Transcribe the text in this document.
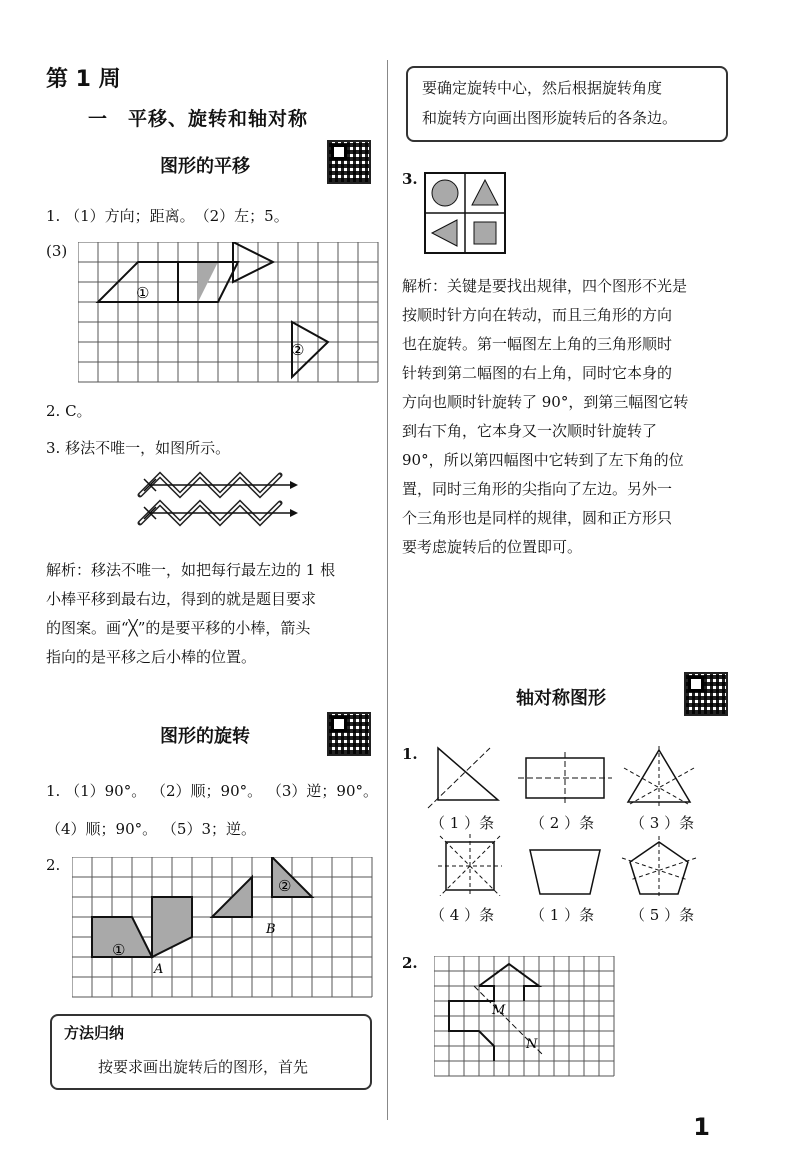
第 1 周
一　平移、旋转和轴对称
图形的平移
1. （1）方向；距离。　（2）左；5。
(3)
①
②
2. C。
3. 移法不唯一，如图所示。
解析：移法不唯一，如把每行最左边的 1 根
小棒平移到最右边，得到的就是题目要求
的图案。画“╳”的是要平移的小棒，箭头
指向的是平移之后小棒的位置。
图形的旋转
1. （1）90°。 （2）顺；90°。 （3）逆；90°。
（4）顺；90°。 （5）3；逆。
2.
①
②
A
B
方法归纳
按要求画出旋转后的图形，首先
要确定旋转中心，然后根据旋转角度
和旋转方向画出图形旋转后的各条边。
3.
解析：关键是要找出规律，四个图形不光是
按顺时针方向在转动，而且三角形的方向
也在旋转。第一幅图左上角的三角形顺时
针转到第二幅图的右上角，同时它本身的
方向也顺时针旋转了 90°，到第三幅图它转
到右下角，它本身又一次顺时针旋转了
90°，所以第四幅图中它转到了左下角的位
置，同时三角形的尖指向了左边。另外一
个三角形也是同样的规律，圆和正方形只
要考虑旋转后的位置即可。
轴对称图形
1.
（ 1 ）条 （ 2 ）条 （ 3 ）条
（ 4 ）条 （ 1 ）条 （ 5 ）条
2.
M
N
1
